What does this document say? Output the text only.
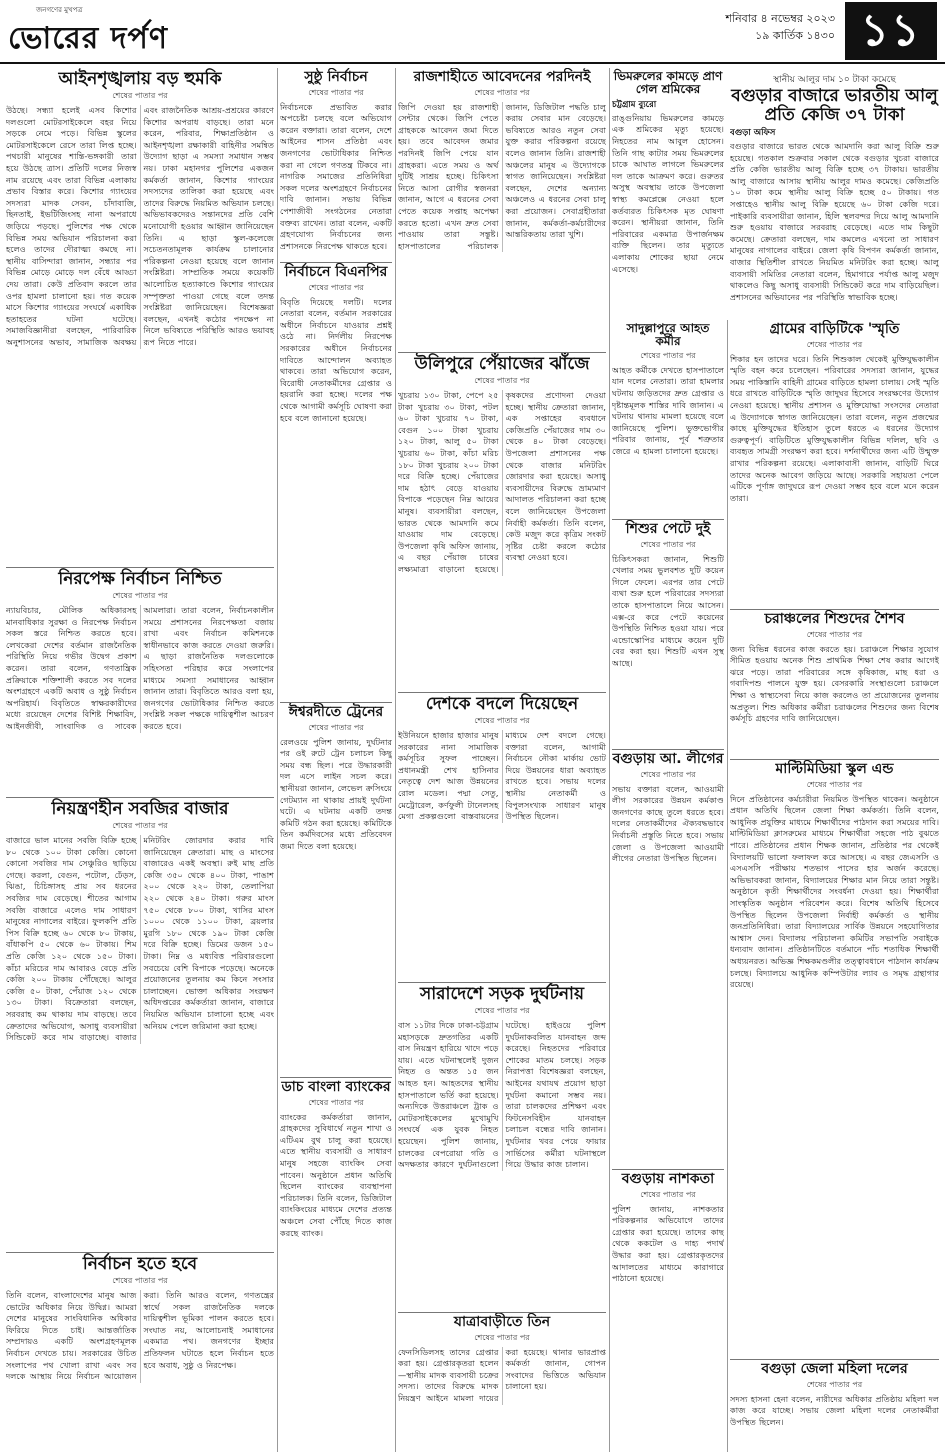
জনগণের মুখপত্র
ভোরের দর্পণ
শনিবার ৪ নভেম্বর ২০২৩
১৯ কার্তিক ১৪৩০ ১১
আইনশৃঙ্খলায় বড় হুমকি
শেষের পাতার পর
উঠছে। সন্ধ্যা হলেই এসব কিশোর দলগুলো মোটরসাইকেলে বহর নিয়ে সড়কে নেমে পড়ে। বিভিন্ন স্কুলের মোটরসাইকেলে রেসে তারা লিপ্ত হচ্ছে। পথচারী মানুষের শান্তি-ভঙ্গকারী তারা হয়ে উঠছে ত্রাস। প্রতিটি দলের নিজস্ব নাম রয়েছে এবং তারা বিভিন্ন এলাকায় প্রভাব বিস্তার করে। কিশোর গ্যাংয়ের সদস্যরা মাদক সেবন, চাঁদাবাজি, ছিনতাই, ইভটিজিংসহ নানা অপরাধে জড়িয়ে পড়ছে। পুলিশের পক্ষ থেকে বিভিন্ন সময় অভিযান পরিচালনা করা হলেও তাদের দৌরাত্ম্য কমছে না। স্থানীয় বাসিন্দারা জানান, সন্ধ্যার পর বিভিন্ন মোড়ে মোড়ে দল বেঁধে আড্ডা দেয় তারা। কেউ প্রতিবাদ করলে তার ওপর হামলা চালানো হয়। গত কয়েক মাসে কিশোর গ্যাংয়ের সংঘর্ষে একাধিক হতাহতের ঘটনা ঘটেছে। সমাজবিজ্ঞানীরা বলছেন, পারিবারিক অনুশাসনের অভাব, সামাজিক অবক্ষয় এবং রাজনৈতিক আশ্রয়-প্রশ্রয়ের কারণে কিশোর অপরাধ বাড়ছে। তারা মনে করেন, পরিবার, শিক্ষাপ্রতিষ্ঠান ও আইনশৃঙ্খলা রক্ষাকারী বাহিনীর সমন্বিত উদ্যোগ ছাড়া এ সমস্যা সমাধান সম্ভব নয়। ঢাকা মহানগর পুলিশের একজন কর্মকর্তা জানান, কিশোর গ্যাংয়ের সদস্যদের তালিকা করা হয়েছে এবং তাদের বিরুদ্ধে নিয়মিত অভিযান চলছে। অভিভাবকদেরও সন্তানদের প্রতি বেশি মনোযোগী হওয়ার আহ্বান জানিয়েছেন তিনি। এ ছাড়া স্কুল-কলেজে সচেতনতামূলক কার্যক্রম চালানোর পরিকল্পনা নেওয়া হয়েছে বলে জানান সংশ্লিষ্টরা। সাম্প্রতিক সময়ে কয়েকটি আলোচিত হত্যাকাণ্ডে কিশোর গ্যাংয়ের সম্পৃক্ততা পাওয়া গেছে বলে তদন্ত সংশ্লিষ্টরা জানিয়েছেন। বিশেষজ্ঞরা বলছেন, এখনই কঠোর পদক্ষেপ না নিলে ভবিষ্যতে পরিস্থিতি আরও ভয়াবহ রূপ নিতে পারে।
নিরপেক্ষ নির্বাচন নিশ্চিত
শেষের পাতার পর
ন্যায়বিচার, মৌলিক অধিকারসহ মানবাধিকার সুরক্ষা ও নিরপেক্ষ নির্বাচন সকল স্তরে নিশ্চিত করতে হবে। লেখকেরা দেশের বর্তমান রাজনৈতিক পরিস্থিতি নিয়ে গভীর উদ্বেগ প্রকাশ করেন। তারা বলেন, গণতান্ত্রিক প্রক্রিয়াকে শক্তিশালী করতে সব দলের অংশগ্রহণে একটি অবাধ ও সুষ্ঠু নির্বাচন অপরিহার্য। বিবৃতিতে স্বাক্ষরকারীদের মধ্যে রয়েছেন দেশের বিশিষ্ট শিক্ষাবিদ, আইনজীবী, সাংবাদিক ও সাবেক আমলারা। তারা বলেন, নির্বাচনকালীন সময়ে প্রশাসনের নিরপেক্ষতা বজায় রাখা এবং নির্বাচন কমিশনকে স্বাধীনভাবে কাজ করতে দেওয়া জরুরি। এ ছাড়া রাজনৈতিক দলগুলোকে সহিংসতা পরিহার করে সংলাপের মাধ্যমে সমস্যা সমাধানের আহ্বান জানান তারা। বিবৃতিতে আরও বলা হয়, জনগণের ভোটাধিকার নিশ্চিত করতে সংশ্লিষ্ট সকল পক্ষকে দায়িত্বশীল আচরণ করতে হবে।
নিয়ন্ত্রণহীন সবজির বাজার
শেষের পাতার পর
বাজারে ভাল মানের সবজি বিক্রি হচ্ছে ৮০ থেকে ১০০ টাকা কেজি। কোনো কোনো সবজির দাম সেঞ্চুরিও ছাড়িয়ে গেছে। করলা, বেগুন, পটোল, ঢেঁড়স, ঝিঙা, চিচিঙ্গাসহ প্রায় সব ধরনের সবজির দাম বেড়েছে। শীতের আগাম সবজি বাজারে এলেও দাম সাধারণ মানুষের নাগালের বাইরে। ফুলকপি প্রতি পিস বিক্রি হচ্ছে ৬০ থেকে ৮০ টাকায়, বাঁধাকপি ৫০ থেকে ৬০ টাকায়। শিম প্রতি কেজি ১২০ থেকে ১৫০ টাকা। কাঁচা মরিচের দাম আবারও বেড়ে প্রতি কেজি ২০০ টাকায় পৌঁছেছে। আলুর কেজি ৫০ টাকা, পেঁয়াজ ১২০ থেকে ১৩০ টাকা। বিক্রেতারা বলছেন, সরবরাহ কম থাকায় দাম বাড়ছে। তবে ক্রেতাদের অভিযোগ, অসাধু ব্যবসায়ীরা সিন্ডিকেট করে দাম বাড়াচ্ছে। বাজার মনিটরিং জোরদার করার দাবি জানিয়েছেন ক্রেতারা। মাছ ও মাংসের বাজারেও একই অবস্থা। রুই মাছ প্রতি কেজি ৩৫০ থেকে ৪০০ টাকা, পাঙাশ ২০০ থেকে ২২০ টাকা, তেলাপিয়া ২২০ থেকে ২৪০ টাকা। গরুর মাংস ৭৫০ থেকে ৮০০ টাকা, খাসির মাংস ১০০০ থেকে ১১০০ টাকা, ব্রয়লার মুরগি ১৮০ থেকে ১৯০ টাকা কেজি দরে বিক্রি হচ্ছে। ডিমের ডজন ১৫০ টাকা। নিম্ন ও মধ্যবিত্ত পরিবারগুলো সবচেয়ে বেশি বিপাকে পড়েছে। অনেকে প্রয়োজনের তুলনায় কম কিনে সংসার চালাচ্ছেন। ভোক্তা অধিকার সংরক্ষণ অধিদপ্তরের কর্মকর্তারা জানান, বাজারে নিয়মিত অভিযান চালানো হচ্ছে এবং অনিয়ম পেলে জরিমানা করা হচ্ছে।
নির্বাচন হতে হবে
শেষের পাতার পর
তিনি বলেন, বাংলাদেশের মানুষ আজ ভোটের অধিকার নিয়ে উদ্বিগ্ন। আমরা দেশের মানুষের সাংবিধানিক অধিকার ফিরিয়ে দিতে চাই। আন্তর্জাতিক সম্প্রদায়ও একটি অংশগ্রহণমূলক নির্বাচন দেখতে চায়। সরকারের উচিত সংলাপের পথ খোলা রাখা এবং সব দলকে আস্থায় নিয়ে নির্বাচন আয়োজন করা। তিনি আরও বলেন, গণতন্ত্রের স্বার্থে সকল রাজনৈতিক দলকে দায়িত্বশীল ভূমিকা পালন করতে হবে। সংঘাত নয়, আলোচনাই সমাধানের একমাত্র পথ। জনগণের ইচ্ছার প্রতিফলন ঘটাতে হলে নির্বাচন হতে হবে অবাধ, সুষ্ঠু ও নিরপেক্ষ।
সুষ্ঠু নির্বাচন
শেষের পাতার পর
নির্বাচনকে প্রভাবিত করার অপচেষ্টা চলছে বলে অভিযোগ করেন বক্তারা। তারা বলেন, দেশে আইনের শাসন প্রতিষ্ঠা এবং জনগণের ভোটাধিকার নিশ্চিত করা না গেলে গণতন্ত্র টিকবে না। নাগরিক সমাজের প্রতিনিধিরা সকল দলের অংশগ্রহণে নির্বাচনের দাবি জানান। সভায় বিভিন্ন পেশাজীবী সংগঠনের নেতারা বক্তব্য রাখেন। তারা বলেন, একটি গ্রহণযোগ্য নির্বাচনের জন্য প্রশাসনকে নিরপেক্ষ থাকতে হবে।
নির্বাচনে বিএনপির
শেষের পাতার পর
বিবৃতি দিয়েছে দলটি। দলের নেতারা বলেন, বর্তমান সরকারের অধীনে নির্বাচনে যাওয়ার প্রশ্নই ওঠে না। নির্দলীয় নিরপেক্ষ সরকারের অধীনে নির্বাচনের দাবিতে আন্দোলন অব্যাহত থাকবে। তারা অভিযোগ করেন, বিরোধী নেতাকর্মীদের গ্রেপ্তার ও হয়রানি করা হচ্ছে। দলের পক্ষ থেকে আগামী কর্মসূচি ঘোষণা করা হবে বলে জানানো হয়েছে।
ঈশ্বরদীতে ট্রেনের
শেষের পাতার পর
রেলওয়ে পুলিশ জানায়, দুর্ঘটনার পর ওই রুটে ট্রেন চলাচল কিছু সময় বন্ধ ছিল। পরে উদ্ধারকারী দল এসে লাইন সচল করে। স্থানীয়রা জানান, লেভেল ক্রসিংয়ে গেটম্যান না থাকায় প্রায়ই দুর্ঘটনা ঘটে। এ ঘটনায় একটি তদন্ত কমিটি গঠন করা হয়েছে। কমিটিকে তিন কর্মদিবসের মধ্যে প্রতিবেদন জমা দিতে বলা হয়েছে।
ডাচ বাংলা ব্যাংকের
শেষের পাতার পর
ব্যাংকের কর্মকর্তারা জানান, গ্রাহকদের সুবিধার্থে নতুন শাখা ও এটিএম বুথ চালু করা হয়েছে। এতে স্থানীয় ব্যবসায়ী ও সাধারণ মানুষ সহজে ব্যাংকিং সেবা পাবেন। অনুষ্ঠানে প্রধান অতিথি ছিলেন ব্যাংকের ব্যবস্থাপনা পরিচালক। তিনি বলেন, ডিজিটাল ব্যাংকিংয়ের মাধ্যমে দেশের প্রত্যন্ত অঞ্চলে সেবা পৌঁছে দিতে কাজ করছে ব্যাংক।
রাজশাহীতে আবেদনের পরদিনই
শেষের পাতার পর
জিপি দেওয়া হয় রাজশাহী সেন্টার থেকে। জিপি পেতে গ্রাহককে আবেদন জমা দিতে হয়। তবে আবেদন জমার পরদিনই জিপি পেয়ে যান গ্রাহকরা। এতে সময় ও অর্থ দুটিই সাশ্রয় হচ্ছে। চিকিৎসা নিতে আসা রোগীর স্বজনরা জানান, আগে এ ধরনের সেবা পেতে কয়েক সপ্তাহ অপেক্ষা করতে হতো। এখন দ্রুত সেবা পাওয়ায় তারা সন্তুষ্ট। হাসপাতালের পরিচালক জানান, ডিজিটাল পদ্ধতি চালু করায় সেবার মান বেড়েছে। ভবিষ্যতে আরও নতুন সেবা যুক্ত করার পরিকল্পনা রয়েছে বলেও জানান তিনি। রাজশাহী অঞ্চলের মানুষ এ উদ্যোগকে স্বাগত জানিয়েছেন। সংশ্লিষ্টরা বলছেন, দেশের অন্যান্য অঞ্চলেও এ ধরনের সেবা চালু করা প্রয়োজন। সেবাগ্রহীতারা জানান, কর্মকর্তা-কর্মচারীদের আন্তরিকতায় তারা খুশি।
উলিপুরে পেঁয়াজের ঝাঁজে
শেষের পাতার পর
খুচরায় ১৩০ টাকা, পেপে ২৫ টাকা খুচরায় ৩০ টাকা, পটল ৬০ টাকা খুচরায় ৭০ টাকা, বেগুন ১০০ টাকা খুচরায় ১২০ টাকা, আলু ৫০ টাকা খুচরায় ৬০ টাকা, কাঁচা মরিচ ১৮০ টাকা খুচরায় ২০০ টাকা দরে বিক্রি হচ্ছে। পেঁয়াজের দাম হঠাৎ বেড়ে যাওয়ায় বিপাকে পড়েছেন নিম্ন আয়ের মানুষ। ব্যবসায়ীরা বলছেন, ভারত থেকে আমদানি কমে যাওয়ায় দাম বেড়েছে। উপজেলা কৃষি অফিস জানায়, এ বছর পেঁয়াজ চাষের লক্ষ্যমাত্রা বাড়ানো হয়েছে। কৃষকদের প্রণোদনা দেওয়া হচ্ছে। স্থানীয় ক্রেতারা জানান, এক সপ্তাহের ব্যবধানে কেজিপ্রতি পেঁয়াজের দাম ৩০ থেকে ৪০ টাকা বেড়েছে। উপজেলা প্রশাসনের পক্ষ থেকে বাজার মনিটরিং জোরদার করা হয়েছে। অসাধু ব্যবসায়ীদের বিরুদ্ধে ভ্রাম্যমাণ আদালত পরিচালনা করা হচ্ছে বলে জানিয়েছেন উপজেলা নির্বাহী কর্মকর্তা। তিনি বলেন, কেউ মজুদ করে কৃত্রিম সংকট সৃষ্টির চেষ্টা করলে কঠোর ব্যবস্থা নেওয়া হবে।
দেশকে বদলে দিয়েছেন
শেষের পাতার পর
ইউনিয়নে হাজার হাজার মানুষ সরকারের নানা সামাজিক কর্মসূচির সুফল পাচ্ছেন। প্রধানমন্ত্রী শেখ হাসিনার নেতৃত্বে দেশ আজ উন্নয়নের রোল মডেল। পদ্মা সেতু, মেট্রোরেল, কর্ণফুলী টানেলসহ মেগা প্রকল্পগুলো বাস্তবায়নের মাধ্যমে দেশ বদলে গেছে। বক্তারা বলেন, আগামী নির্বাচনে নৌকা মার্কায় ভোট দিয়ে উন্নয়নের ধারা অব্যাহত রাখতে হবে। সভায় দলের স্থানীয় নেতাকর্মী ও বিপুলসংখ্যক সাধারণ মানুষ উপস্থিত ছিলেন।
সারাদেশে সড়ক দুর্ঘটনায়
শেষের পাতার পর
বাস ১১টার দিকে ঢাকা-চট্টগ্রাম মহাসড়কে দ্রুতগতির একটি বাস নিয়ন্ত্রণ হারিয়ে খাদে পড়ে যায়। এতে ঘটনাস্থলেই দুজন নিহত ও অন্তত ১৫ জন আহত হন। আহতদের স্থানীয় হাসপাতালে ভর্তি করা হয়েছে। অন্যদিকে উত্তরাঞ্চলে ট্রাক ও মোটরসাইকেলের মুখোমুখি সংঘর্ষে এক যুবক নিহত হয়েছেন। পুলিশ জানায়, চালকের বেপরোয়া গতি ও অদক্ষতার কারণে দুর্ঘটনাগুলো ঘটেছে। হাইওয়ে পুলিশ দুর্ঘটনাকবলিত যানবাহন জব্দ করেছে। নিহতদের পরিবারে শোকের মাতম চলছে। সড়ক নিরাপত্তা বিশেষজ্ঞরা বলছেন, আইনের যথাযথ প্রয়োগ ছাড়া দুর্ঘটনা কমানো সম্ভব নয়। তারা চালকদের প্রশিক্ষণ এবং ফিটনেসবিহীন যানবাহন চলাচল বন্ধের দাবি জানান। দুর্ঘটনার খবর পেয়ে ফায়ার সার্ভিসের কর্মীরা ঘটনাস্থলে গিয়ে উদ্ধার কাজ চালান।
যাত্রাবাড়ীতে তিন
শেষের পাতার পর
ফেনসিডিলসহ তাদের গ্রেপ্তার করা হয়। গ্রেপ্তারকৃতরা হলেন—স্থানীয় মাদক ব্যবসায়ী চক্রের সদস্য। তাদের বিরুদ্ধে মাদক নিয়ন্ত্রণ আইনে মামলা দায়ের করা হয়েছে। থানার ভারপ্রাপ্ত কর্মকর্তা জানান, গোপন সংবাদের ভিত্তিতে অভিযান চালানো হয়।
ভিমরুলের কামড়ে প্রাণ গেল শ্রমিকের
চট্টগ্রাম ব্যুরো
রাঙ্গুনিয়ায় ভিমরুলের কামড়ে এক শ্রমিকের মৃত্যু হয়েছে। নিহতের নাম আবুল হোসেন। তিনি গাছ কাটার সময় ভিমরুলের চাকে আঘাত লাগলে ভিমরুলের দল তাকে আক্রমণ করে। গুরুতর অসুস্থ অবস্থায় তাকে উপজেলা স্বাস্থ্য কমপ্লেক্সে নেওয়া হলে কর্তব্যরত চিকিৎসক মৃত ঘোষণা করেন। স্থানীয়রা জানান, তিনি পরিবারের একমাত্র উপার্জনক্ষম ব্যক্তি ছিলেন। তার মৃত্যুতে এলাকায় শোকের ছায়া নেমে এসেছে।
স্থানীয় আলুর দাম ১০ টাকা কমেছে
বগুড়ার বাজারে ভারতীয় আলু প্রতি কেজি ৩৭ টাকা
বগুড়া অফিস
বগুড়ার বাজারে ভারত থেকে আমদানি করা আলু বিক্রি শুরু হয়েছে। গতকাল শুক্রবার সকাল থেকে বগুড়ার খুচরা বাজারে প্রতি কেজি ভারতীয় আলু বিক্রি হচ্ছে ৩৭ টাকায়। ভারতীয় আলু বাজারে আসায় স্থানীয় আলুর দামও কমেছে। কেজিপ্রতি ১০ টাকা কমে স্থানীয় আলু বিক্রি হচ্ছে ৫০ টাকায়। গত সপ্তাহেও স্থানীয় আলু বিক্রি হয়েছে ৬০ টাকা কেজি দরে। পাইকারি ব্যবসায়ীরা জানান, হিলি স্থলবন্দর দিয়ে আলু আমদানি শুরু হওয়ায় বাজারে সরবরাহ বেড়েছে। এতে দাম কিছুটা কমেছে। ক্রেতারা বলছেন, দাম কমলেও এখনো তা সাধারণ মানুষের নাগালের বাইরে। জেলা কৃষি বিপণন কর্মকর্তা জানান, বাজার স্থিতিশীল রাখতে নিয়মিত মনিটরিং করা হচ্ছে। আলু ব্যবসায়ী সমিতির নেতারা বলেন, হিমাগারে পর্যাপ্ত আলু মজুদ থাকলেও কিছু অসাধু ব্যবসায়ী সিন্ডিকেট করে দাম বাড়িয়েছিল। প্রশাসনের অভিযানের পর পরিস্থিতি স্বাভাবিক হচ্ছে।
সাদুল্লাপুরে আহত কর্মীর
শেষের পাতার পর
আহত কর্মীকে দেখতে হাসপাতালে যান দলের নেতারা। তারা হামলার ঘটনায় জড়িতদের দ্রুত গ্রেপ্তার ও দৃষ্টান্তমূলক শাস্তির দাবি জানান। এ ঘটনায় থানায় মামলা হয়েছে বলে জানিয়েছে পুলিশ। ভুক্তভোগীর পরিবার জানায়, পূর্ব শত্রুতার জেরে এ হামলা চালানো হয়েছে।
শিশুর পেটে দুই
শেষের পাতার পর
চিকিৎসকরা জানান, শিশুটি খেলার সময় ভুলবশত দুটি কয়েন গিলে ফেলে। এরপর তার পেটে ব্যথা শুরু হলে পরিবারের সদস্যরা তাকে হাসপাতালে নিয়ে আসেন। এক্স-রে করে পেটে কয়েনের উপস্থিতি নিশ্চিত হওয়া যায়। পরে এন্ডোস্কোপির মাধ্যমে কয়েন দুটি বের করা হয়। শিশুটি এখন সুস্থ আছে।
বগুড়ায় আ. লীগের
শেষের পাতার পর
সভায় বক্তারা বলেন, আওয়ামী লীগ সরকারের উন্নয়ন কর্মকাণ্ড জনগণের কাছে তুলে ধরতে হবে। দলের নেতাকর্মীদের ঐক্যবদ্ধভাবে নির্বাচনী প্রস্তুতি নিতে হবে। সভায় জেলা ও উপজেলা আওয়ামী লীগের নেতারা উপস্থিত ছিলেন।
বগুড়ায় নাশকতা
শেষের পাতার পর
পুলিশ জানায়, নাশকতার পরিকল্পনার অভিযোগে তাদের গ্রেপ্তার করা হয়েছে। তাদের কাছ থেকে ককটেল ও দাহ্য পদার্থ উদ্ধার করা হয়। গ্রেপ্তারকৃতদের আদালতের মাধ্যমে কারাগারে পাঠানো হয়েছে।
গ্রামের বাড়িটিকে 'স্মৃতি
শেষের পাতার পর
শিকার হন তাদের ঘরে। তিনি শিশুকাল থেকেই মুক্তিযুদ্ধকালীন স্মৃতি বহন করে চলেছেন। পরিবারের সদস্যরা জানান, যুদ্ধের সময় পাকিস্তানি বাহিনী গ্রামের বাড়িতে হামলা চালায়। সেই স্মৃতি ধরে রাখতে বাড়িটিকে স্মৃতি জাদুঘর হিসেবে সংরক্ষণের উদ্যোগ নেওয়া হয়েছে। স্থানীয় প্রশাসন ও মুক্তিযোদ্ধা সংসদের নেতারা এ উদ্যোগকে স্বাগত জানিয়েছেন। তারা বলেন, নতুন প্রজন্মের কাছে মুক্তিযুদ্ধের ইতিহাস তুলে ধরতে এ ধরনের উদ্যোগ গুরুত্বপূর্ণ। বাড়িটিতে মুক্তিযুদ্ধকালীন বিভিন্ন দলিল, ছবি ও ব্যবহৃত সামগ্রী সংরক্ষণ করা হবে। দর্শনার্থীদের জন্য এটি উন্মুক্ত রাখার পরিকল্পনা রয়েছে। এলাকাবাসী জানান, বাড়িটি ঘিরে তাদের অনেক আবেগ জড়িয়ে আছে। সরকারি সহায়তা পেলে এটিকে পূর্ণাঙ্গ জাদুঘরে রূপ দেওয়া সম্ভব হবে বলে মনে করেন তারা।
চরাঞ্চলের শিশুদের শৈশব
শেষের পাতার পর
জন্য বিভিন্ন ধরনের কাজ করতে হয়। চরাঞ্চলে শিক্ষার সুযোগ সীমিত হওয়ায় অনেক শিশু প্রাথমিক শিক্ষা শেষ করার আগেই ঝরে পড়ে। তারা পরিবারের সঙ্গে কৃষিকাজ, মাছ ধরা ও গবাদিপশু পালনে যুক্ত হয়। বেসরকারি সংস্থাগুলো চরাঞ্চলে শিক্ষা ও স্বাস্থ্যসেবা নিয়ে কাজ করলেও তা প্রয়োজনের তুলনায় অপ্রতুল। শিশু অধিকার কর্মীরা চরাঞ্চলের শিশুদের জন্য বিশেষ কর্মসূচি গ্রহণের দাবি জানিয়েছেন।
মাল্টিমিডিয়া স্কুল এন্ড
শেষের পাতার পর
দিনে প্রতিষ্ঠানের কর্মচারীরা নিয়মিত উপস্থিত থাকেন। অনুষ্ঠানে প্রধান অতিথি ছিলেন জেলা শিক্ষা কর্মকর্তা। তিনি বলেন, আধুনিক প্রযুক্তির মাধ্যমে শিক্ষার্থীদের পাঠদান করা সময়ের দাবি। মাল্টিমিডিয়া ক্লাসরুমের মাধ্যমে শিক্ষার্থীরা সহজে পাঠ বুঝতে পারে। প্রতিষ্ঠানের প্রধান শিক্ষক জানান, প্রতিষ্ঠার পর থেকেই বিদ্যালয়টি ভালো ফলাফল করে আসছে। এ বছর জেএসসি ও এসএসসি পরীক্ষায় শতভাগ পাসের হার অর্জন করেছে। অভিভাবকরা জানান, বিদ্যালয়ের শিক্ষার মান নিয়ে তারা সন্তুষ্ট। অনুষ্ঠানে কৃতী শিক্ষার্থীদের সংবর্ধনা দেওয়া হয়। শিক্ষার্থীরা সাংস্কৃতিক অনুষ্ঠান পরিবেশন করে। বিশেষ অতিথি হিসেবে উপস্থিত ছিলেন উপজেলা নির্বাহী কর্মকর্তা ও স্থানীয় জনপ্রতিনিধিরা। তারা বিদ্যালয়ের সার্বিক উন্নয়নে সহযোগিতার আশ্বাস দেন। বিদ্যালয় পরিচালনা কমিটির সভাপতি সবাইকে ধন্যবাদ জানান। প্রতিষ্ঠানটিতে বর্তমানে পাঁচ শতাধিক শিক্ষার্থী অধ্যয়নরত। অভিজ্ঞ শিক্ষকমণ্ডলীর তত্ত্বাবধানে পাঠদান কার্যক্রম চলছে। বিদ্যালয়ে আধুনিক কম্পিউটার ল্যাব ও সমৃদ্ধ গ্রন্থাগার রয়েছে।
বগুড়া জেলা মহিলা দলের
শেষের পাতার পর
সদস্য হাসনা হেনা বলেন, নারীদের অধিকার প্রতিষ্ঠায় মহিলা দল কাজ করে যাচ্ছে। সভায় জেলা মহিলা দলের নেতাকর্মীরা উপস্থিত ছিলেন।
